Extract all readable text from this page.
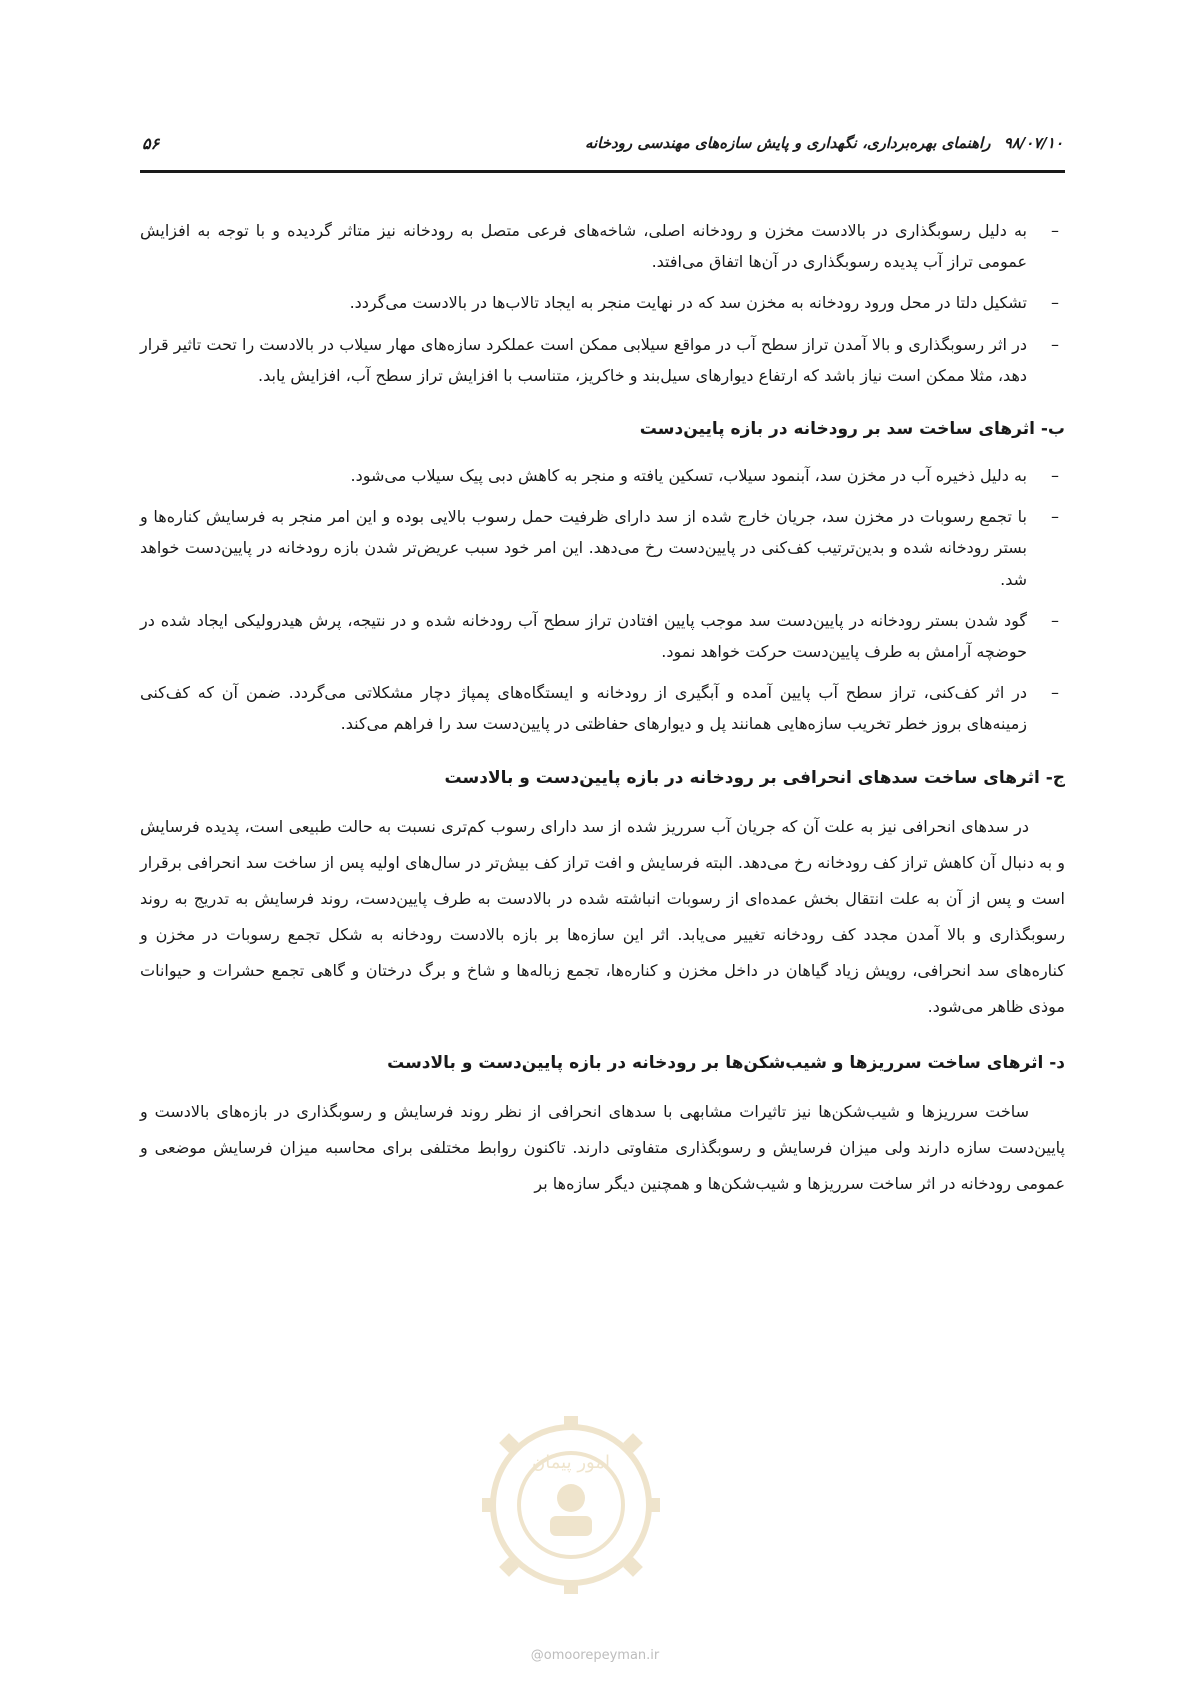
۵۶	۹۸/۰۷/۱۰ راهنمای بهره‌برداری، نگهداری و پایش سازه‌های مهندسی رودخانه
– به دلیل رسوبگذاری در بالادست مخزن و رودخانه اصلی، شاخه‌های فرعی متصل به رودخانه نیز متاثر گردیده و با توجه به افزایش عمومی تراز آب پدیده رسوبگذاری در آن‌ها اتفاق می‌افتد.
– تشکیل دلتا در محل ورود رودخانه به مخزن سد که در نهایت منجر به ایجاد تالاب‌ها در بالادست می‌گردد.
– در اثر رسوبگذاری و بالا آمدن تراز سطح آب در مواقع سیلابی ممکن است عملکرد سازه‌های مهار سیلاب در بالادست را تحت تاثیر قرار دهد، مثلا ممکن است نیاز باشد که ارتفاع دیوارهای سیل‌بند و خاکریز، متناسب با افزایش تراز سطح آب، افزایش یابد.
ب- اثرهای ساخت سد بر رودخانه در بازه پایین‌دست
– به دلیل ذخیره آب در مخزن سد، آبنمود سیلاب، تسکین یافته و منجر به کاهش دبی پیک سیلاب می‌شود.
– با تجمع رسوبات در مخزن سد، جریان خارج شده از سد دارای ظرفیت حمل رسوب بالایی بوده و این امر منجر به فرسایش کناره‌ها و بستر رودخانه شده و بدین‌ترتیب کف‌کنی در پایین‌دست رخ می‌دهد. این امر خود سبب عریض‌تر شدن بازه رودخانه در پایین‌دست خواهد شد.
– گود شدن بستر رودخانه در پایین‌دست سد موجب پایین افتادن تراز سطح آب رودخانه شده و در نتیجه، پرش هیدرولیکی ایجاد شده در حوضچه آرامش به طرف پایین‌دست حرکت خواهد نمود.
– در اثر کف‌کنی، تراز سطح آب پایین آمده و آبگیری از رودخانه و ایستگاه‌های پمپاژ دچار مشکلاتی می‌گردد. ضمن آن که کف‌کنی زمینه‌های بروز خطر تخریب سازه‌هایی همانند پل و دیوارهای حفاظتی در پایین‌دست سد را فراهم می‌کند.
ج- اثرهای ساخت سدهای انحرافی بر رودخانه در بازه پایین‌دست و بالادست

در سدهای انحرافی نیز به علت آن که جریان آب سرریز شده از سد دارای رسوب کم‌تری نسبت به حالت طبیعی است، پدیده فرسایش و به دنبال آن کاهش تراز کف رودخانه رخ می‌دهد. البته فرسایش و افت تراز کف بیش‌تر در سال‌های اولیه پس از ساخت سد انحرافی برقرار است و پس از آن به علت انتقال بخش عمده‌ای از رسوبات انباشته شده در بالادست به طرف پایین‌دست، روند فرسایش به تدریج به روند رسوبگذاری و بالا آمدن مجدد کف رودخانه تغییر می‌یابد. اثر این سازه‌ها بر بازه بالادست رودخانه به شکل تجمع رسوبات در مخزن و کناره‌های سد انحرافی، رویش زیاد گیاهان در داخل مخزن و کناره‌ها، تجمع زباله‌ها و شاخ و برگ درختان و گاهی تجمع حشرات و حیوانات موذی ظاهر می‌شود.

د- اثرهای ساخت سرریزها و شیب‌شکن‌ها بر رودخانه در بازه پایین‌دست و بالادست

ساخت سرریزها و شیب‌شکن‌ها نیز تاثیرات مشابهی با سدهای انحرافی از نظر روند فرسایش و رسوبگذاری در بازه‌های بالادست و پایین‌دست سازه دارند ولی میزان فرسایش و رسوبگذاری متفاوتی دارند. تاکنون روابط مختلفی برای محاسبه میزان فرسایش موضعی و عمومی رودخانه در اثر ساخت سرریزها و شیب‌شکن‌ها و همچنین دیگر سازه‌ها بر

امور پیمان
@omoorepeyman.ir
